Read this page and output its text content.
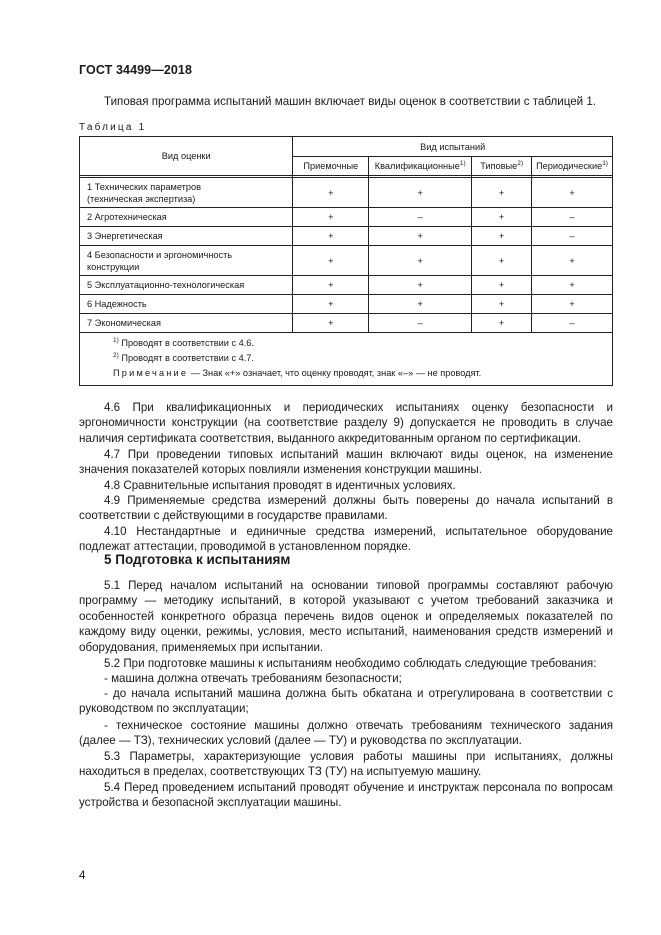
ГОСТ 34499—2018
Типовая программа испытаний машин включает виды оценок в соответствии с таблицей 1.
Таблица 1
Вид оценки	Вид испытаний			
	Приемочные	Квалификационные$^{1)}$	Типовые$^{2)}$	Периодические$^{1)}$

1 Технических параметров
(техническая экспертиза)	+	+	+	+

2 Агротехническая	+	–	+	–

3 Энергетическая	+	+	+	–

4 Безопасности и эргономичность
конструкции	+	+	+	+

5 Эксплуатационно-технологическая	+	+	+	+

6 Надежность	+	+	+	+

7 Экономическая	+	–	+	–

$^{1)}$ Проводят в соответствии с 4.6.
$^{2)}$ Проводят в соответствии с 4.7.
Примечание — Знак «+» означает, что оценку проводят, знак «–» — не проводят.				
4.6 При квалификационных и периодических испытаниях оценку безопасности и эргономичности конструкции (на соответствие разделу 9) допускается не проводить в случае наличия сертификата соответствия, выданного аккредитованным органом по сертификации.
4.7 При проведении типовых испытаний машин включают виды оценок, на изменение значения показателей которых повлияли изменения конструкции машины.
4.8 Сравнительные испытания проводят в идентичных условиях.
4.9 Применяемые средства измерений должны быть поверены до начала испытаний в соответствии с действующими в государстве правилами.
4.10 Нестандартные и единичные средства измерений, испытательное оборудование подлежат аттестации, проводимой в установленном порядке.
5 Подготовка к испытаниям
5.1 Перед началом испытаний на основании типовой программы составляют рабочую программу — методику испытаний, в которой указывают с учетом требований заказчика и особенностей конкретного образца перечень видов оценок и определяемых показателей по каждому виду оценки, режимы, условия, место испытаний, наименования средств измерений и оборудования, применяемых при испытании.
5.2 При подготовке машины к испытаниям необходимо соблюдать следующие требования:
- машина должна отвечать требованиям безопасности;
- до начала испытаний машина должна быть обкатана и отрегулирована в соответствии с руководством по эксплуатации;
- техническое состояние машины должно отвечать требованиям технического задания (далее — ТЗ), технических условий (далее — ТУ) и руководства по эксплуатации.
5.3 Параметры, характеризующие условия работы машины при испытаниях, должны находиться в пределах, соответствующих ТЗ (ТУ) на испытуемую машину.
5.4 Перед проведением испытаний проводят обучение и инструктаж персонала по вопросам устройства и безопасной эксплуатации машины.
4
